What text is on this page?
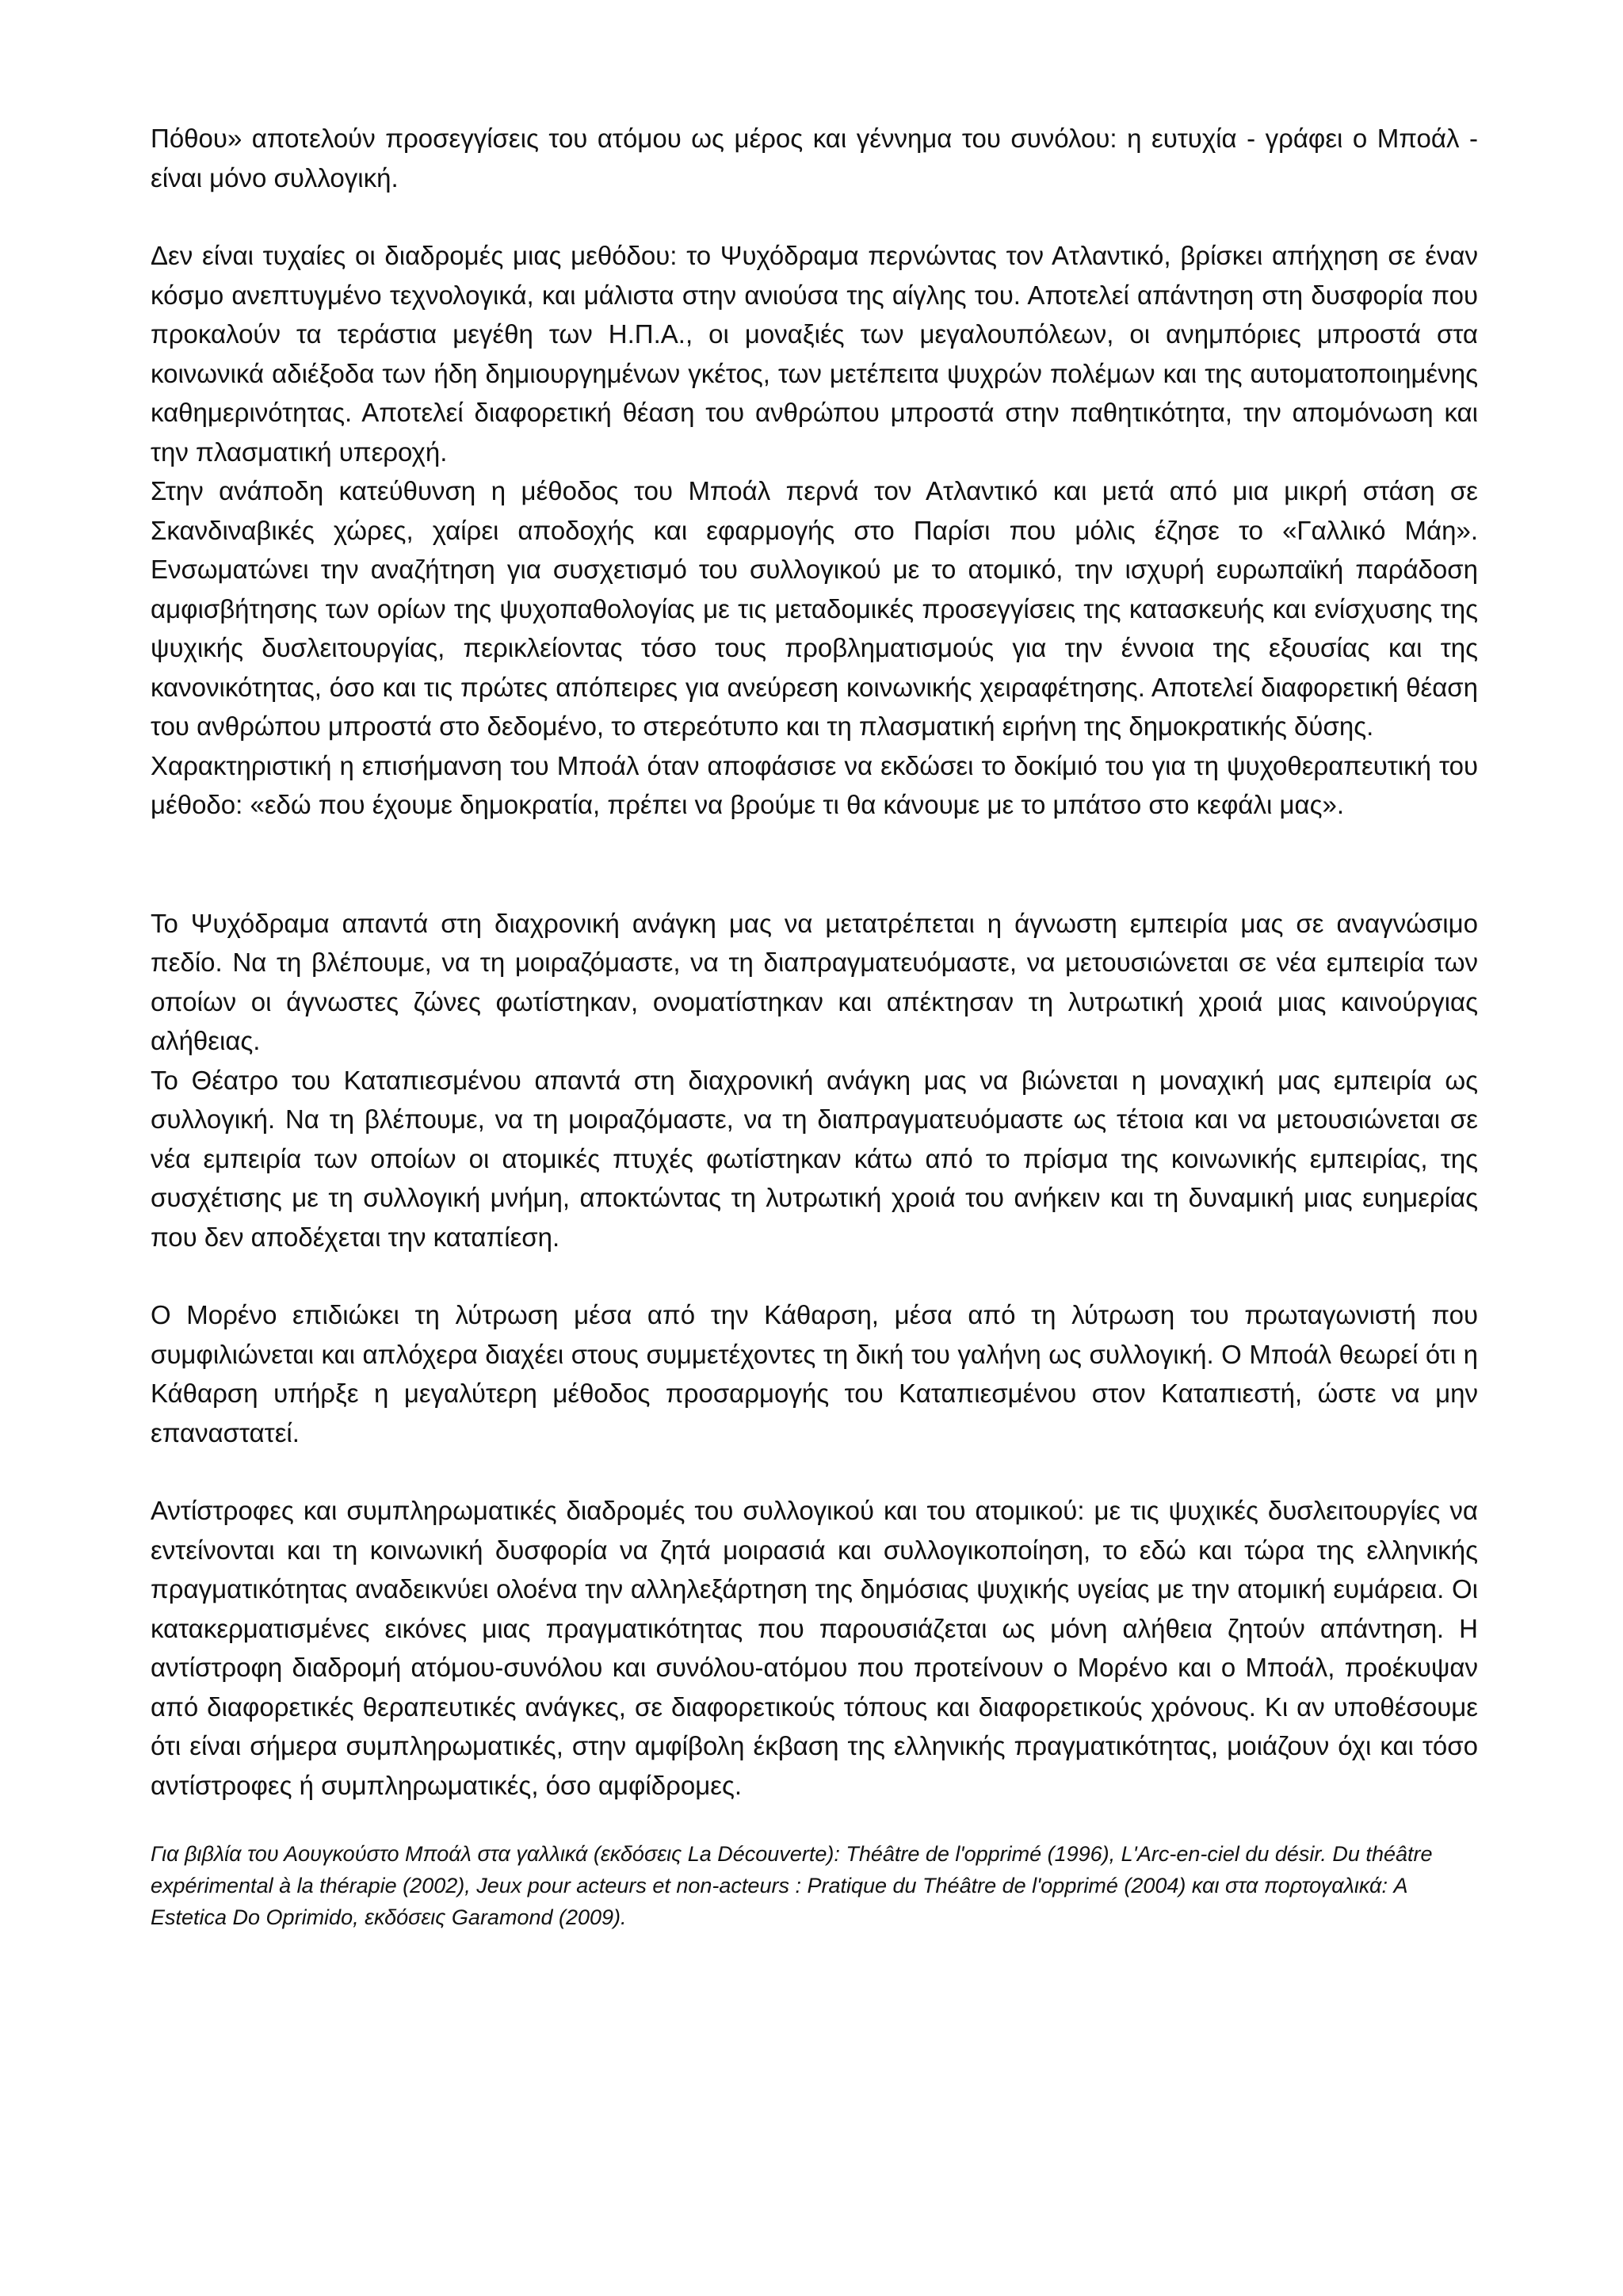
Πόθου» αποτελούν προσεγγίσεις του ατόμου ως μέρος και γέννημα του συνόλου: η ευτυχία - γράφει ο Μποάλ - είναι μόνο συλλογική.

Δεν είναι τυχαίες οι διαδρομές μιας μεθόδου: το Ψυχόδραμα περνώντας τον Ατλαντικό, βρίσκει απήχηση σε έναν κόσμο ανεπτυγμένο τεχνολογικά, και μάλιστα στην ανιούσα της αίγλης του. Αποτελεί απάντηση στη δυσφορία που προκαλούν τα τεράστια μεγέθη των Η.Π.Α., οι μοναξιές των μεγαλουπόλεων, οι ανημπόριες μπροστά στα κοινωνικά αδιέξοδα των ήδη δημιουργημένων γκέτος, των μετέπειτα ψυχρών πολέμων και της αυτοματοποιημένης καθημερινότητας. Αποτελεί διαφορετική θέαση του ανθρώπου μπροστά στην παθητικότητα, την απομόνωση και την πλασματική υπεροχή.

Στην ανάποδη κατεύθυνση η μέθοδος του Μποάλ περνά τον Ατλαντικό και μετά από μια μικρή στάση σε Σκανδιναβικές χώρες, χαίρει αποδοχής και εφαρμογής στο Παρίσι που μόλις έζησε το «Γαλλικό Μάη». Ενσωματώνει την αναζήτηση για συσχετισμό του συλλογικού με το ατομικό, την ισχυρή ευρωπαϊκή παράδοση αμφισβήτησης των ορίων της ψυχοπαθολογίας με τις μεταδομικές προσεγγίσεις της κατασκευής και ενίσχυσης της ψυχικής δυσλειτουργίας, περικλείοντας τόσο τους προβληματισμούς για την έννοια της εξουσίας και της κανονικότητας, όσο και τις πρώτες απόπειρες για ανεύρεση κοινωνικής χειραφέτησης. Αποτελεί διαφορετική θέαση του ανθρώπου μπροστά στο δεδομένο, το στερεότυπο και τη πλασματική ειρήνη της δημοκρατικής δύσης.

Χαρακτηριστική η επισήμανση του Μποάλ όταν αποφάσισε να εκδώσει το δοκίμιό του για τη ψυχοθεραπευτική του μέθοδο: «εδώ που έχουμε δημοκρατία, πρέπει να βρούμε τι θα κάνουμε με το μπάτσο στο κεφάλι μας».

Το Ψυχόδραμα απαντά στη διαχρονική ανάγκη μας να μετατρέπεται η άγνωστη εμπειρία μας σε αναγνώσιμο πεδίο. Να τη βλέπουμε, να τη μοιραζόμαστε, να τη διαπραγματευόμαστε, να μετουσιώνεται σε νέα εμπειρία των οποίων οι άγνωστες ζώνες φωτίστηκαν, ονοματίστηκαν και απέκτησαν τη λυτρωτική χροιά μιας καινούργιας αλήθειας.

Το Θέατρο του Καταπιεσμένου απαντά στη διαχρονική ανάγκη μας να βιώνεται η μοναχική μας εμπειρία ως συλλογική. Να τη βλέπουμε, να τη μοιραζόμαστε, να τη διαπραγματευόμαστε ως τέτοια και να μετουσιώνεται σε νέα εμπειρία των οποίων οι ατομικές πτυχές φωτίστηκαν κάτω από το πρίσμα της κοινωνικής εμπειρίας, της συσχέτισης με τη συλλογική μνήμη, αποκτώντας τη λυτρωτική χροιά του ανήκειν και τη δυναμική μιας ευημερίας που δεν αποδέχεται την καταπίεση.

Ο Μορένο επιδιώκει τη λύτρωση μέσα από την Κάθαρση, μέσα από τη λύτρωση του πρωταγωνιστή που συμφιλιώνεται και απλόχερα διαχέει στους συμμετέχοντες τη δική του γαλήνη ως συλλογική. Ο Μποάλ θεωρεί ότι η Κάθαρση υπήρξε η μεγαλύτερη μέθοδος προσαρμογής του Καταπιεσμένου στον Καταπιεστή, ώστε να μην επαναστατεί.

Αντίστροφες και συμπληρωματικές διαδρομές του συλλογικού και του ατομικού: με τις ψυχικές δυσλειτουργίες να εντείνονται και τη κοινωνική δυσφορία να ζητά μοιρασιά και συλλογικοποίηση, το εδώ και τώρα της ελληνικής πραγματικότητας αναδεικνύει ολοένα την αλληλεξάρτηση της δημόσιας ψυχικής υγείας με την ατομική ευμάρεια. Οι κατακερματισμένες εικόνες μιας πραγματικότητας που παρουσιάζεται ως μόνη αλήθεια ζητούν απάντηση. Η αντίστροφη διαδρομή ατόμου-συνόλου και συνόλου-ατόμου που προτείνουν ο Μορένο και ο Μποάλ, προέκυψαν από διαφορετικές θεραπευτικές ανάγκες, σε διαφορετικούς τόπους και διαφορετικούς χρόνους. Κι αν υποθέσουμε ότι είναι σήμερα συμπληρωματικές, στην αμφίβολη έκβαση της ελληνικής πραγματικότητας, μοιάζουν όχι και τόσο αντίστροφες ή συμπληρωματικές, όσο αμφίδρομες.

Για βιβλία του Αουγκούστο Μποάλ στα γαλλικά (εκδόσεις La Découverte): Théâtre de l'opprimé (1996), L'Arc-en-ciel du désir. Du théâtre expérimental à la thérapie (2002), Jeux pour acteurs et non-acteurs : Pratique du Théâtre de l'opprimé (2004) και στα πορτογαλικά: A Estetica Do Oprimido, εκδόσεις Garamond (2009).
